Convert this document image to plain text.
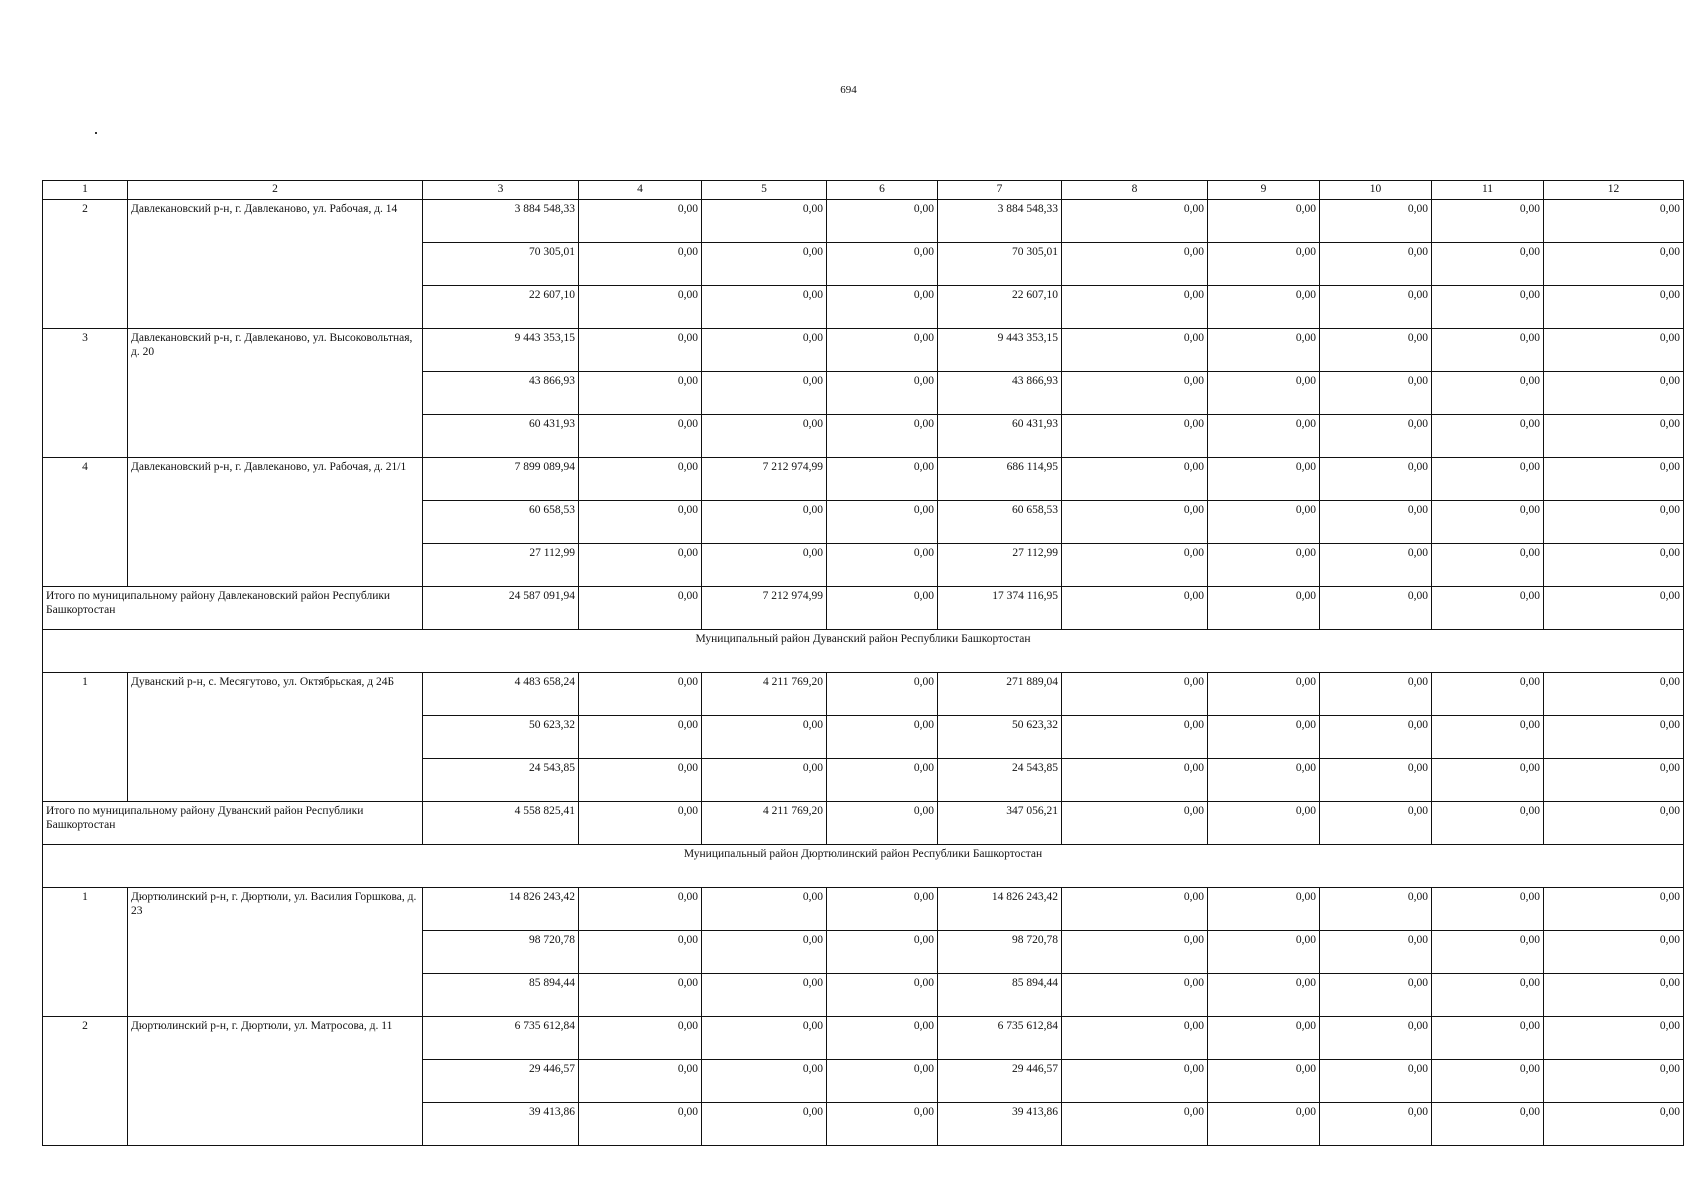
694
1	2	3	4	5	6	7	8	9	10	11	12
2	Давлекановский р-н, г. Давлеканово, ул. Рабочая, д. 14	3 884 548,33	0,00	0,00	0,00	3 884 548,33	0,00	0,00	0,00	0,00	0,00
		70 305,01	0,00	0,00	0,00	70 305,01	0,00	0,00	0,00	0,00	0,00
		22 607,10	0,00	0,00	0,00	22 607,10	0,00	0,00	0,00	0,00	0,00
3	Давлекановский р-н, г. Давлеканово, ул. Высоковольтная, д. 20	9 443 353,15	0,00	0,00	0,00	9 443 353,15	0,00	0,00	0,00	0,00	0,00
		43 866,93	0,00	0,00	0,00	43 866,93	0,00	0,00	0,00	0,00	0,00
		60 431,93	0,00	0,00	0,00	60 431,93	0,00	0,00	0,00	0,00	0,00
4	Давлекановский р-н, г. Давлеканово, ул. Рабочая, д. 21/1	7 899 089,94	0,00	7 212 974,99	0,00	686 114,95	0,00	0,00	0,00	0,00	0,00
		60 658,53	0,00	0,00	0,00	60 658,53	0,00	0,00	0,00	0,00	0,00
		27 112,99	0,00	0,00	0,00	27 112,99	0,00	0,00	0,00	0,00	0,00
Итого по муниципальному району Давлекановский район Республики Башкортостан		24 587 091,94	0,00	7 212 974,99	0,00	17 374 116,95	0,00	0,00	0,00	0,00	0,00
Муниципальный район Дуванский район Республики Башкортостан											
1	Дуванский р-н, с. Месягутово, ул. Октябрьская, д 24Б	4 483 658,24	0,00	4 211 769,20	0,00	271 889,04	0,00	0,00	0,00	0,00	0,00
		50 623,32	0,00	0,00	0,00	50 623,32	0,00	0,00	0,00	0,00	0,00
		24 543,85	0,00	0,00	0,00	24 543,85	0,00	0,00	0,00	0,00	0,00
Итого по муниципальному району Дуванский район Республики Башкортостан		4 558 825,41	0,00	4 211 769,20	0,00	347 056,21	0,00	0,00	0,00	0,00	0,00
Муниципальный район Дюртюлинский район Республики Башкортостан											
1	Дюртюлинский р-н, г. Дюртюли, ул. Василия Горшкова, д. 23	14 826 243,42	0,00	0,00	0,00	14 826 243,42	0,00	0,00	0,00	0,00	0,00
		98 720,78	0,00	0,00	0,00	98 720,78	0,00	0,00	0,00	0,00	0,00
		85 894,44	0,00	0,00	0,00	85 894,44	0,00	0,00	0,00	0,00	0,00
2	Дюртюлинский р-н, г. Дюртюли, ул. Матросова, д. 11	6 735 612,84	0,00	0,00	0,00	6 735 612,84	0,00	0,00	0,00	0,00	0,00
		29 446,57	0,00	0,00	0,00	29 446,57	0,00	0,00	0,00	0,00	0,00
		39 413,86	0,00	0,00	0,00	39 413,86	0,00	0,00	0,00	0,00	0,00
